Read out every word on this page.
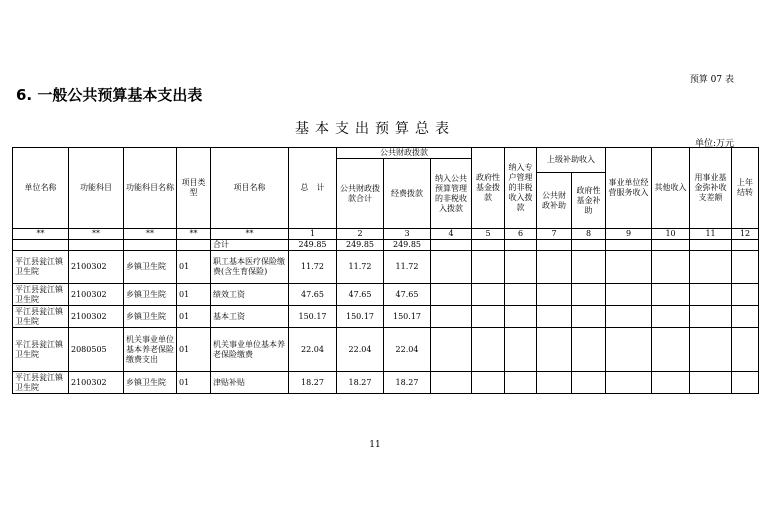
预算 07 表
6. 一般公共预算基本支出表
基本支出预算总表
单位:万元
单位名称	功能科目	功能科目名称	项目类型	项目名称	总　计	公共财政拨款			政府性基金拨款	纳入专户管理的非税收入拨款	上级补助收入		事业单位经营服务收入	其他收入	用事业基金弥补收支差额	上年结转
						公共财政拨款合计	经费拨款	纳入公共预算管理的非税收入拨款								
											公共财政补助	政府性基金补助				
**	**	**	**	**	1	2	3	4	5	6	7	8	9	10	11	12
				合计	249.85	249.85	249.85									
平江县瓮江镇卫生院	2100302	乡镇卫生院	01	职工基本医疗保险缴费(含生育保险)	11.72	11.72	11.72									
平江县瓮江镇卫生院	2100302	乡镇卫生院	01	绩效工资	47.65	47.65	47.65									
平江县瓮江镇卫生院	2100302	乡镇卫生院	01	基本工资	150.17	150.17	150.17									
平江县瓮江镇卫生院	2080505	机关事业单位基本养老保险缴费支出	01	机关事业单位基本养老保险缴费	22.04	22.04	22.04									
平江县瓮江镇卫生院	2100302	乡镇卫生院	01	津贴补贴	18.27	18.27	18.27									
11
